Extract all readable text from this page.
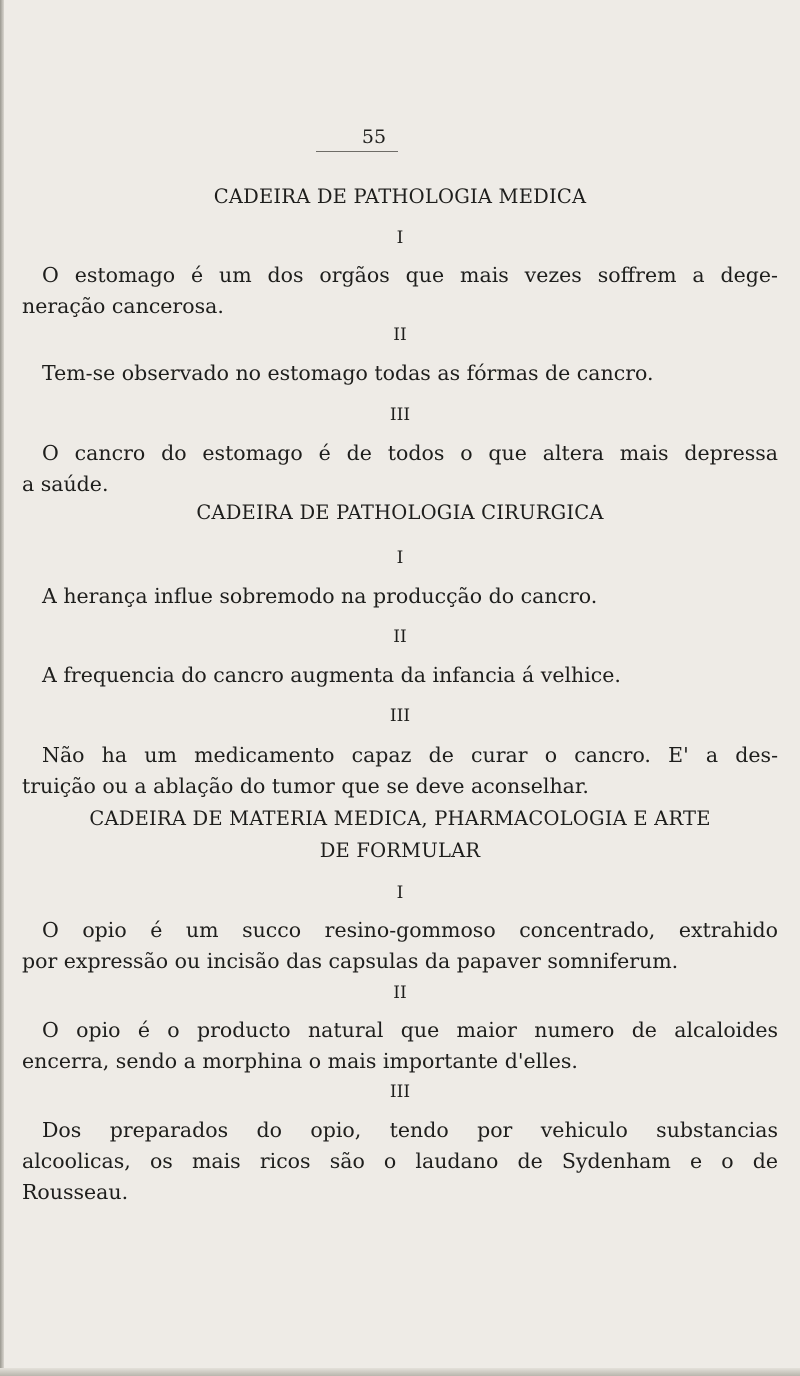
55
CADEIRA DE PATHOLOGIA MEDICA
I
O estomago é um dos orgãos que mais vezes soffrem a dege-
neração cancerosa.
II
Tem-se observado no estomago todas as fórmas de cancro.
III
O cancro do estomago é de todos o que altera mais depressa
a saúde.
CADEIRA DE PATHOLOGIA CIRURGICA
I
A herança influe sobremodo na producção do cancro.
II
A frequencia do cancro augmenta da infancia á velhice.
III
Não ha um medicamento capaz de curar o cancro. E' a des-
truição ou a ablação do tumor que se deve aconselhar.
CADEIRA DE MATERIA MEDICA, PHARMACOLOGIA E ARTE
DE FORMULAR
I
O opio é um succo resino-gommoso concentrado, extrahido
por expressão ou incisão das capsulas da papaver somniferum.
II
O opio é o producto natural que maior numero de alcaloides
encerra, sendo a morphina o mais importante d'elles.
III
Dos preparados do opio, tendo por vehiculo substancias
alcoolicas, os mais ricos são o laudano de Sydenham e o de
Rousseau.
